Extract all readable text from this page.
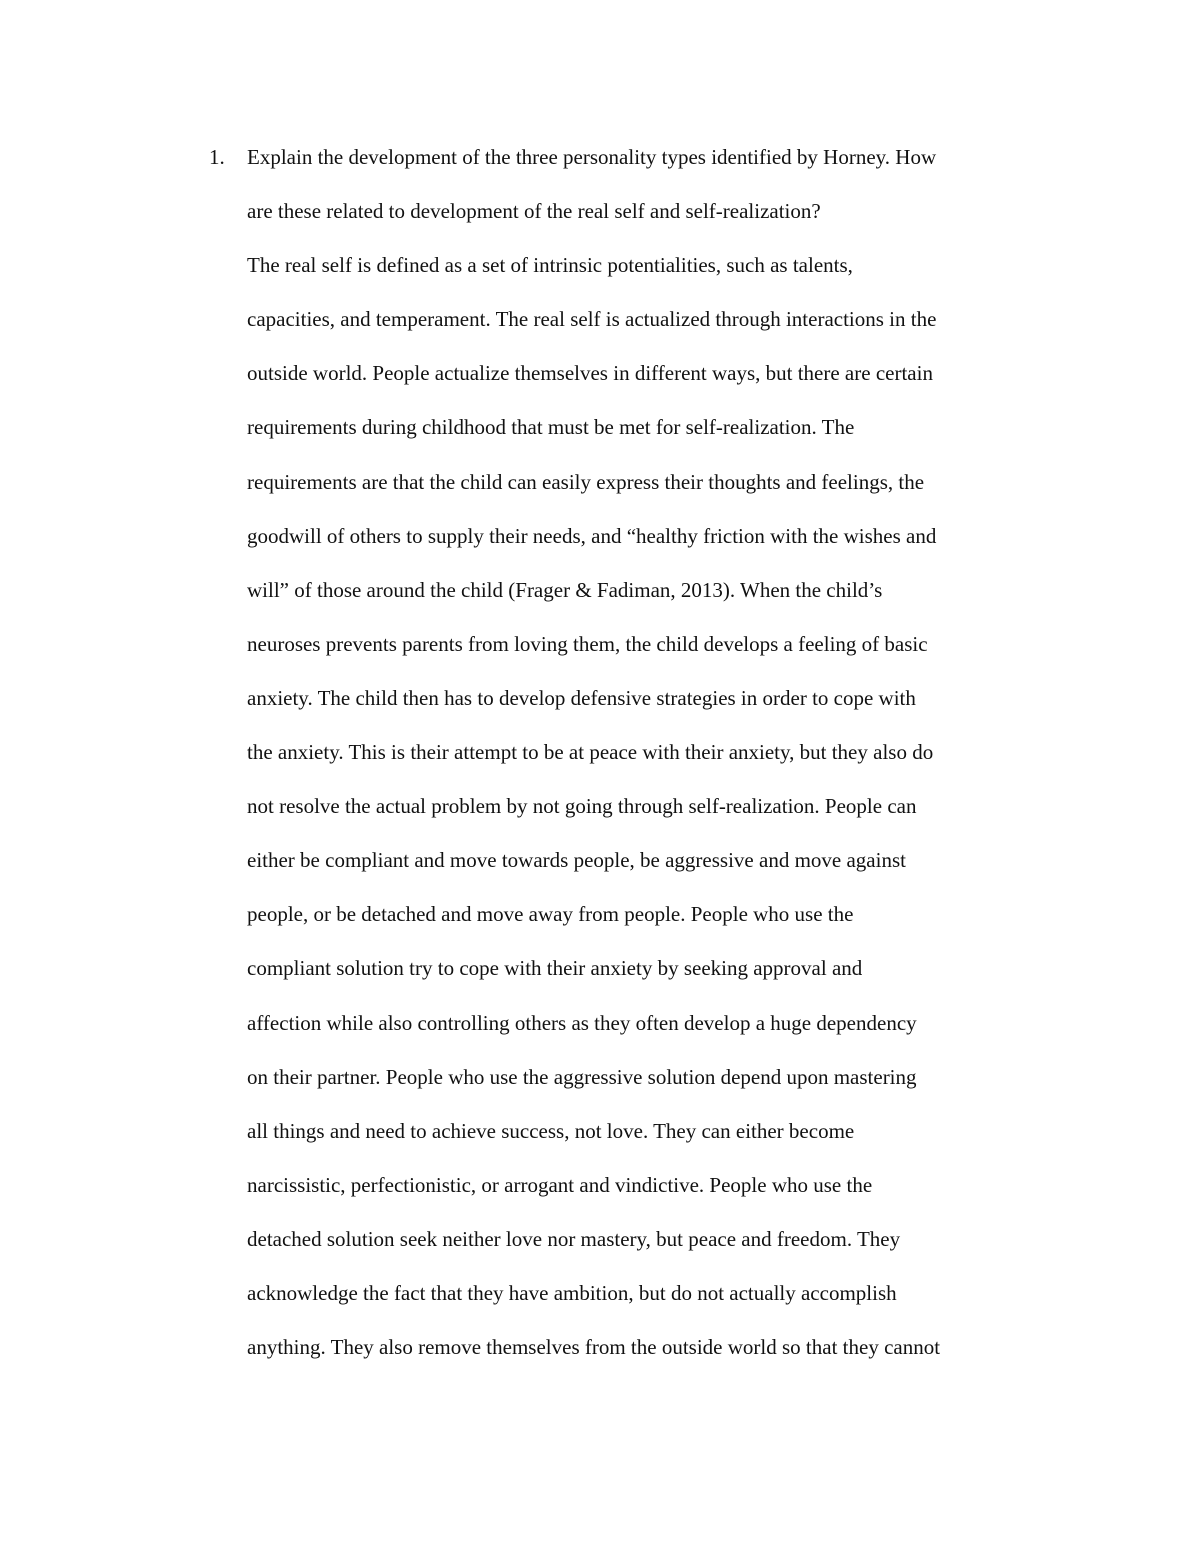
1. Explain the development of the three personality types identified by Horney. How
are these related to development of the real self and self-realization?
The real self is defined as a set of intrinsic potentialities, such as talents,
capacities, and temperament. The real self is actualized through interactions in the
outside world. People actualize themselves in different ways, but there are certain
requirements during childhood that must be met for self-realization. The
requirements are that the child can easily express their thoughts and feelings, the
goodwill of others to supply their needs, and “healthy friction with the wishes and
will” of those around the child (Frager & Fadiman, 2013). When the child’s
neuroses prevents parents from loving them, the child develops a feeling of basic
anxiety. The child then has to develop defensive strategies in order to cope with
the anxiety. This is their attempt to be at peace with their anxiety, but they also do
not resolve the actual problem by not going through self-realization. People can
either be compliant and move towards people, be aggressive and move against
people, or be detached and move away from people. People who use the
compliant solution try to cope with their anxiety by seeking approval and
affection while also controlling others as they often develop a huge dependency
on their partner. People who use the aggressive solution depend upon mastering
all things and need to achieve success, not love. They can either become
narcissistic, perfectionistic, or arrogant and vindictive. People who use the
detached solution seek neither love nor mastery, but peace and freedom. They
acknowledge the fact that they have ambition, but do not actually accomplish
anything. They also remove themselves from the outside world so that they cannot
